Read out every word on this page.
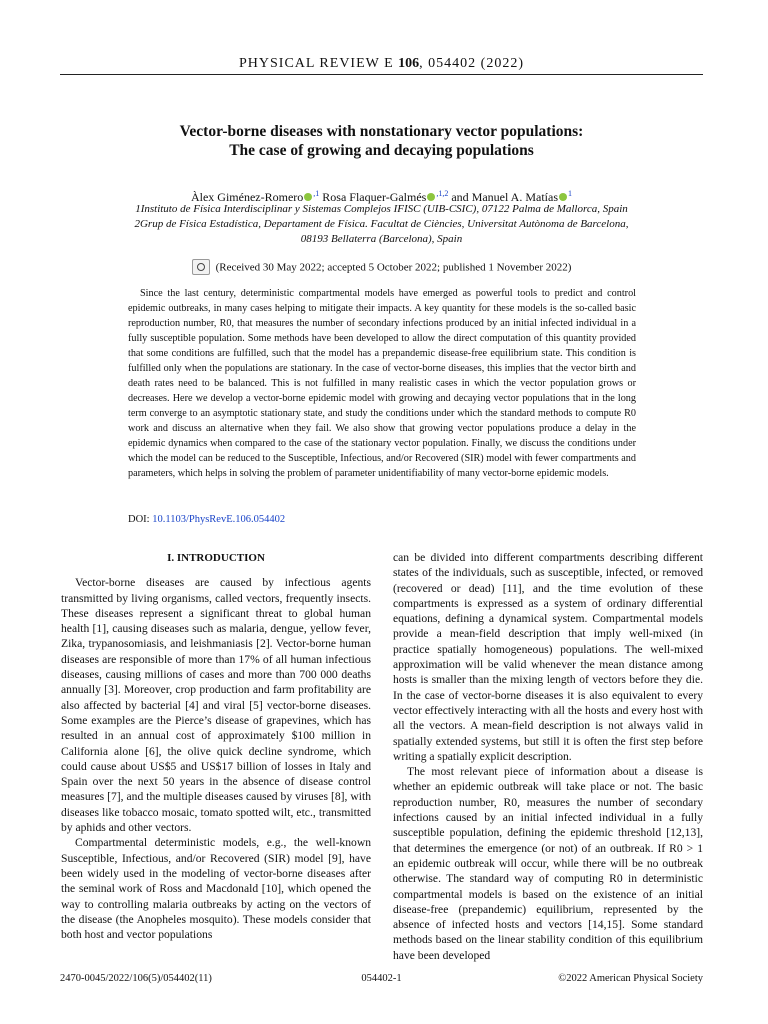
PHYSICAL REVIEW E 106, 054402 (2022)
Vector-borne diseases with nonstationary vector populations:
The case of growing and decaying populations
Àlex Giménez-Romero $^{,1}$ Rosa Flaquer-Galmés $^{,1,2}$ and Manuel A. Matías $^1$
1Instituto de Física Interdisciplinar y Sistemas Complejos IFISC (UIB-CSIC), 07122 Palma de Mallorca, Spain
2Grup de Física Estadística, Departament de Física. Facultat de Ciències, Universitat Autònoma de Barcelona,
08193 Bellaterra (Barcelona), Spain
(Received 30 May 2022; accepted 5 October 2022; published 1 November 2022)
Since the last century, deterministic compartmental models have emerged as powerful tools to predict and control epidemic outbreaks, in many cases helping to mitigate their impacts. A key quantity for these models is the so-called basic reproduction number, R0, that measures the number of secondary infections produced by an initial infected individual in a fully susceptible population. Some methods have been developed to allow the direct computation of this quantity provided that some conditions are fulfilled, such that the model has a prepandemic disease-free equilibrium state. This condition is fulfilled only when the populations are stationary. In the case of vector-borne diseases, this implies that the vector birth and death rates need to be balanced. This is not fulfilled in many realistic cases in which the vector population grows or decreases. Here we develop a vector-borne epidemic model with growing and decaying vector populations that in the long term converge to an asymptotic stationary state, and study the conditions under which the standard methods to compute R0 work and discuss an alternative when they fail. We also show that growing vector populations produce a delay in the epidemic dynamics when compared to the case of the stationary vector population. Finally, we discuss the conditions under which the model can be reduced to the Susceptible, Infectious, and/or Recovered (SIR) model with fewer compartments and parameters, which helps in solving the problem of parameter unidentifiability of many vector-borne epidemic models.
DOI: 10.1103/PhysRevE.106.054402
I. INTRODUCTION

Vector-borne diseases are caused by infectious agents transmitted by living organisms, called vectors, frequently insects. These diseases represent a significant threat to global human health [1], causing diseases such as malaria, dengue, yellow fever, Zika, trypanosomiasis, and leishmaniasis [2]. Vector-borne human diseases are responsible of more than 17% of all human infectious diseases, causing millions of cases and more than 700 000 deaths annually [3]. Moreover, crop production and farm profitability are also affected by bacterial [4] and viral [5] vector-borne diseases. Some examples are the Pierce’s disease of grapevines, which has resulted in an annual cost of approximately $100 million in California alone [6], the olive quick decline syndrome, which could cause about US$5 and US$17 billion of losses in Italy and Spain over the next 50 years in the absence of disease control measures [7], and the multiple diseases caused by viruses [8], with diseases like tobacco mosaic, tomato spotted wilt, etc., transmitted by aphids and other vectors.

Compartmental deterministic models, e.g., the well-known Susceptible, Infectious, and/or Recovered (SIR) model [9], have been widely used in the modeling of vector-borne diseases after the seminal work of Ross and Macdonald [10], which opened the way to controlling malaria outbreaks by acting on the vectors of the disease (the Anopheles mosquito). These models consider that both host and vector populations

can be divided into different compartments describing different states of the individuals, such as susceptible, infected, or removed (recovered or dead) [11], and the time evolution of these compartments is expressed as a system of ordinary differential equations, defining a dynamical system. Compartmental models provide a mean-field description that imply well-mixed (in practice spatially homogeneous) populations. The well-mixed approximation will be valid whenever the mean distance among hosts is smaller than the mixing length of vectors before they die. In the case of vector-borne diseases it is also equivalent to every vector effectively interacting with all the hosts and every host with all the vectors. A mean-field description is not always valid in spatially extended systems, but still it is often the first step before writing a spatially explicit description.

The most relevant piece of information about a disease is whether an epidemic outbreak will take place or not. The basic reproduction number, R0, measures the number of secondary infections caused by an initial infected individual in a fully susceptible population, defining the epidemic threshold [12,13], that determines the emergence (or not) of an outbreak. If R0 > 1 an epidemic outbreak will occur, while there will be no outbreak otherwise. The standard way of computing R0 in deterministic compartmental models is based on the existence of an initial disease-free (prepandemic) equilibrium, represented by the absence of infected hosts and vectors [14,15]. Some standard methods based on the linear stability condition of this equilibrium have been developed

2470-0045/2022/106(5)/054402(11)	054402-1	©2022 American Physical Society
